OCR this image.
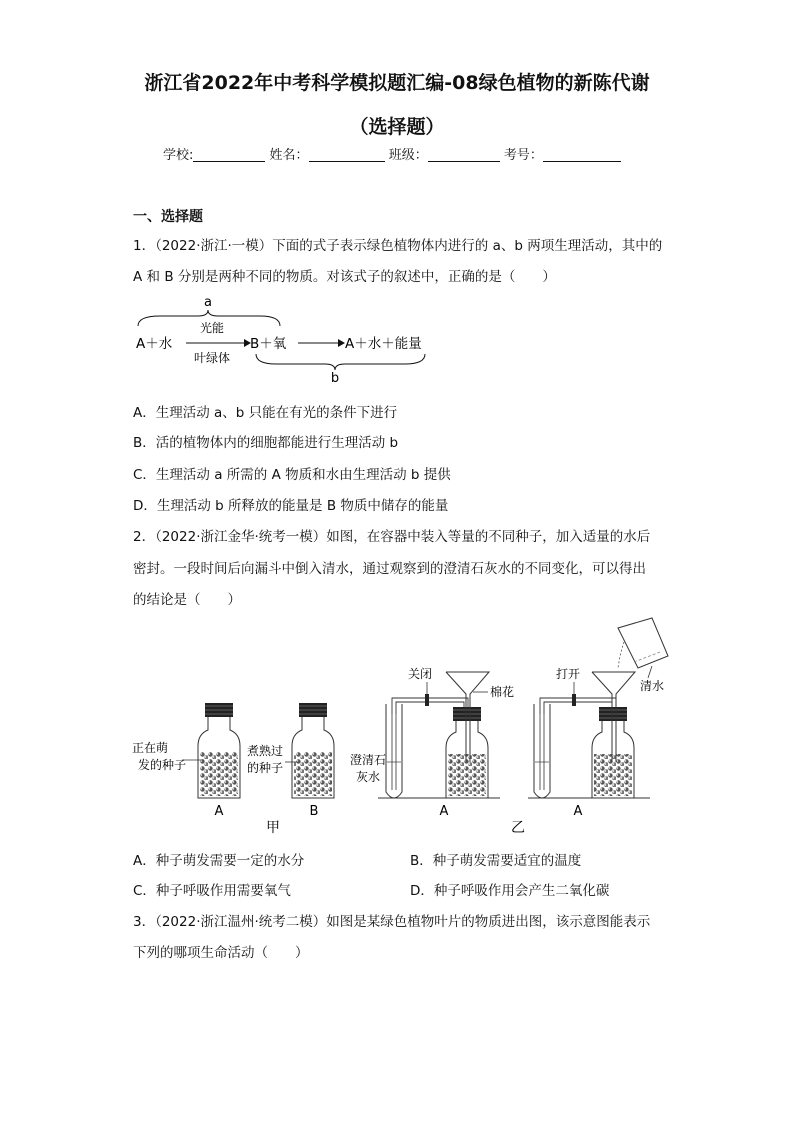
浙江省2022年中考科学模拟题汇编-08绿色植物的新陈代谢
（选择题）
学校:	姓名：	班级：	考号：
一、选择题
1．（2022·浙江·一模）下面的式子表示绿色植物体内进行的 a、b 两项生理活动，其中的
A 和 B 分别是两种不同的物质。对该式子的叙述中，正确的是（　　）
a
光能
A＋水
叶绿体
B＋氧	A＋水＋能量
b
A．生理活动 a、b 只能在有光的条件下进行
B．活的植物体内的细胞都能进行生理活动 b
C．生理活动 a 所需的 A 物质和水由生理活动 b 提供
D．生理活动 b 所释放的能量是 B 物质中储存的能量
2．（2022·浙江金华·统考一模）如图，在容器中装入等量的不同种子，加入适量的水后
密封。一段时间后向漏斗中倒入清水，通过观察到的澄清石灰水的不同变化，可以得出
的结论是（　　）
正在萌
发的种子
A
煮熟过
的种子
B
甲
关闭
棉花
澄清石
灰水
A
打开
清水
A
乙
A．种子萌发需要一定的水分	B．种子萌发需要适宜的温度
C．种子呼吸作用需要氧气	D．种子呼吸作用会产生二氧化碳
3．（2022·浙江温州·统考二模）如图是某绿色植物叶片的物质进出图，该示意图能表示
下列的哪项生命活动（　　）
